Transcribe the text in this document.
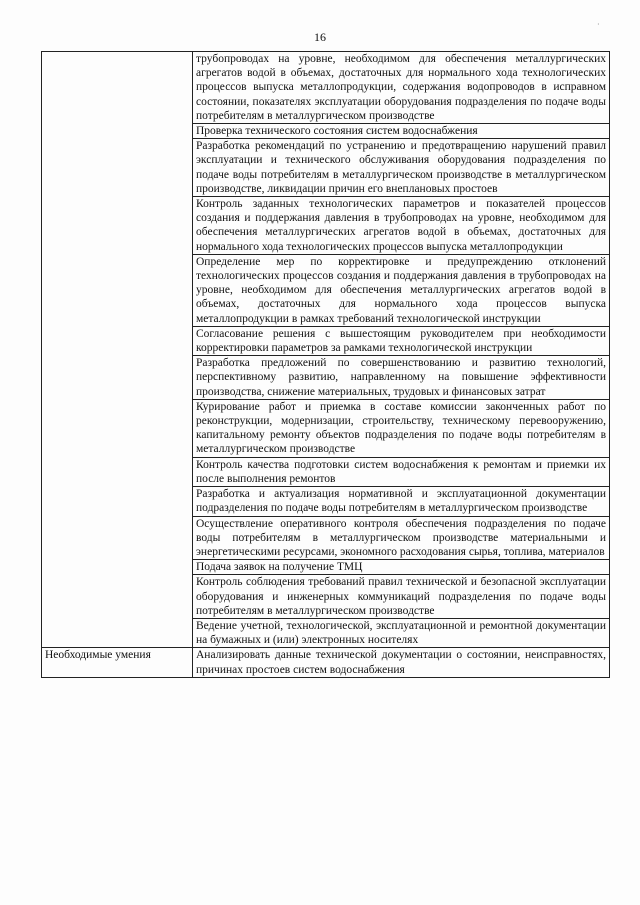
16
	трубопроводах на уровне, необходимом для обеспечения металлургических агрегатов водой в объемах, достаточных для нормального хода технологических процессов выпуска металлопродукции, содержания водопроводов в исправном состоянии, показателях эксплуатации оборудования подразделения по подаче воды потребителям в металлургическом производстве
	Проверка технического состояния систем водоснабжения
	Разработка рекомендаций по устранению и предотвращению нарушений правил эксплуатации и технического обслуживания оборудования подразделения по подаче воды потребителям в металлургическом производстве в металлургическом производстве, ликвидации причин его внеплановых простоев
	Контроль заданных технологических параметров и показателей процессов создания и поддержания давления в трубопроводах на уровне, необходимом для обеспечения металлургических агрегатов водой в объемах, достаточных для нормального хода технологических процессов выпуска металлопродукции
	Определение мер по корректировке и предупреждению отклонений технологических процессов создания и поддержания давления в трубопроводах на уровне, необходимом для обеспечения металлургических агрегатов водой в объемах, достаточных для нормального хода процессов выпуска металлопродукции в рамках требований технологической инструкции
	Согласование решения с вышестоящим руководителем при необходимости корректировки параметров за рамками технологической инструкции
	Разработка предложений по совершенствованию и развитию технологий, перспективному развитию, направленному на повышение эффективности производства, снижение материальных, трудовых и финансовых затрат
	Курирование работ и приемка в составе комиссии законченных работ по реконструкции, модернизации, строительству, техническому перевооружению, капитальному ремонту объектов подразделения по подаче воды потребителям в металлургическом производстве
	Контроль качества подготовки систем водоснабжения к ремонтам и приемки их после выполнения ремонтов
	Разработка и актуализация нормативной и эксплуатационной документации подразделения по подаче воды потребителям в металлургическом производстве
	Осуществление оперативного контроля обеспечения подразделения по подаче воды потребителям в металлургическом производстве материальными и энергетическими ресурсами, экономного расходования сырья, топлива, материалов
	Подача заявок на получение ТМЦ
	Контроль соблюдения требований правил технической и безопасной эксплуатации оборудования и инженерных коммуникаций подразделения по подаче воды потребителям в металлургическом производстве
	Ведение учетной, технологической, эксплуатационной и ремонтной документации на бумажных и (или) электронных носителях
Необходимые умения	Анализировать данные технической документации о состоянии, неисправностях, причинах простоев систем водоснабжения
·
